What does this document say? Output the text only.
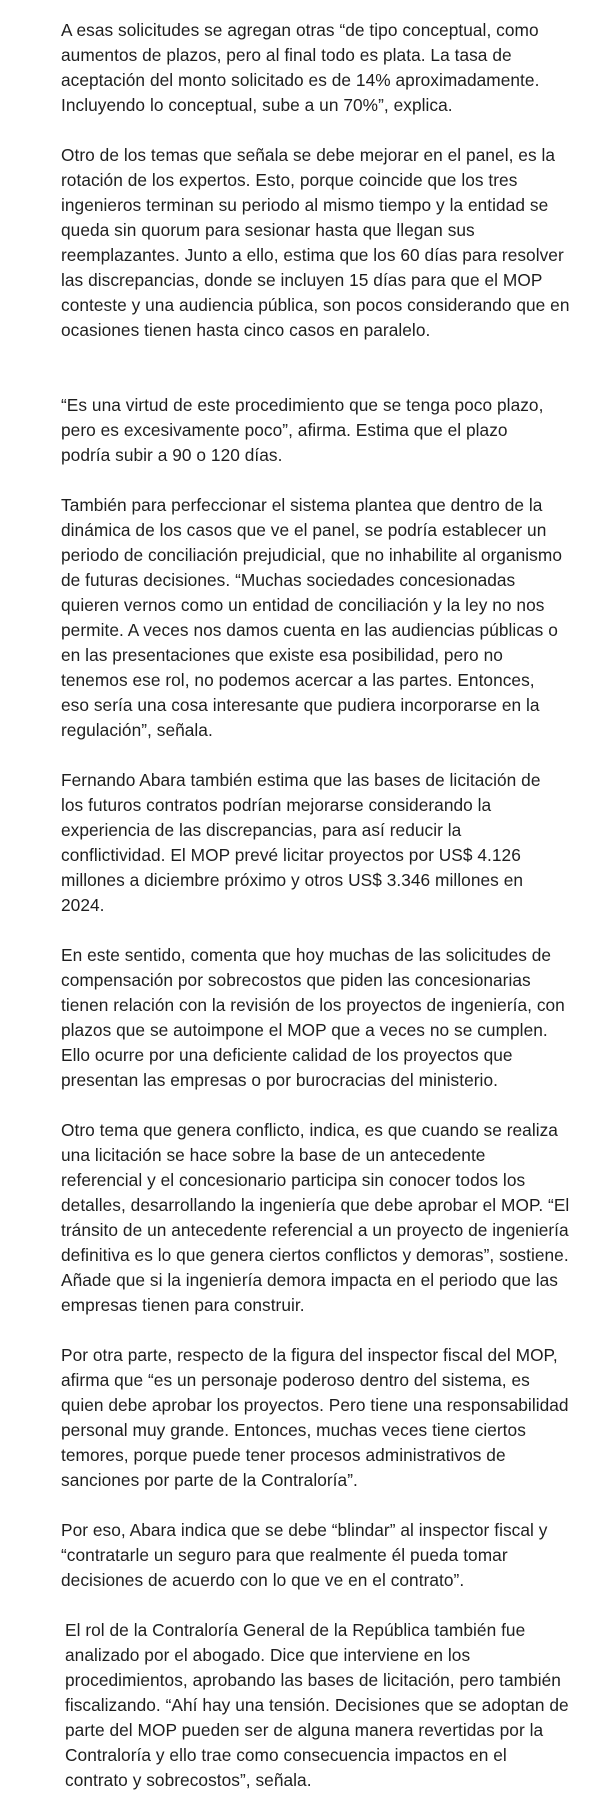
A esas solicitudes se agregan otras “de tipo conceptual, como aumentos de plazos, pero al final todo es plata. La tasa de aceptación del monto solicitado es de 14% aproximadamente. Incluyendo lo conceptual, sube a un 70%”, explica.

Otro de los temas que señala se debe mejorar en el panel, es la rotación de los expertos. Esto, porque coincide que los tres ingenieros terminan su periodo al mismo tiempo y la entidad se queda sin quorum para sesionar hasta que llegan sus reemplazantes. Junto a ello, estima que los 60 días para resolver las discrepancias, donde se incluyen 15 días para que el MOP conteste y una audiencia pública, son pocos considerando que en ocasiones tienen hasta cinco casos en paralelo.

“Es una virtud de este procedimiento que se tenga poco plazo, pero es excesivamente poco”, afirma. Estima que el plazo podría subir a 90 o 120 días.

También para perfeccionar el sistema plantea que dentro de la dinámica de los casos que ve el panel, se podría establecer un periodo de conciliación prejudicial, que no inhabilite al organismo de futuras decisiones. “Muchas sociedades concesionadas quieren vernos como un entidad de conciliación y la ley no nos permite. A veces nos damos cuenta en las audiencias públicas o en las presentaciones que existe esa posibilidad, pero no tenemos ese rol, no podemos acercar a las partes. Entonces, eso sería una cosa interesante que pudiera incorporarse en la regulación”, señala.

Fernando Abara también estima que las bases de licitación de los futuros contratos podrían mejorarse considerando la experiencia de las discrepancias, para así reducir la conflictividad. El MOP prevé licitar proyectos por US$ 4.126 millones a diciembre próximo y otros US$ 3.346 millones en 2024.

En este sentido, comenta que hoy muchas de las solicitudes de compensación por sobrecostos que piden las concesionarias tienen relación con la revisión de los proyectos de ingeniería, con plazos que se autoimpone el MOP que a veces no se cumplen. Ello ocurre por una deficiente calidad de los proyectos que presentan las empresas o por burocracias del ministerio.

Otro tema que genera conflicto, indica, es que cuando se realiza una licitación se hace sobre la base de un antecedente referencial y el concesionario participa sin conocer todos los detalles, desarrollando la ingeniería que debe aprobar el MOP. “El tránsito de un antecedente referencial a un proyecto de ingeniería definitiva es lo que genera ciertos conflictos y demoras”, sostiene. Añade que si la ingeniería demora impacta en el periodo que las empresas tienen para construir.

Por otra parte, respecto de la figura del inspector fiscal del MOP, afirma que “es un personaje poderoso dentro del sistema, es quien debe aprobar los proyectos. Pero tiene una responsabilidad personal muy grande. Entonces, muchas veces tiene ciertos temores, porque puede tener procesos administrativos de sanciones por parte de la Contraloría”.

Por eso, Abara indica que se debe “blindar” al inspector fiscal y “contratarle un seguro para que realmente él pueda tomar decisiones de acuerdo con lo que ve en el contrato”.

El rol de la Contraloría General de la República también fue analizado por el abogado. Dice que interviene en los procedimientos, aprobando las bases de licitación, pero también fiscalizando. “Ahí hay una tensión. Decisiones que se adoptan de parte del MOP pueden ser de alguna manera revertidas por la Contraloría y ello trae como consecuencia impactos en el contrato y sobrecostos”, señala.
